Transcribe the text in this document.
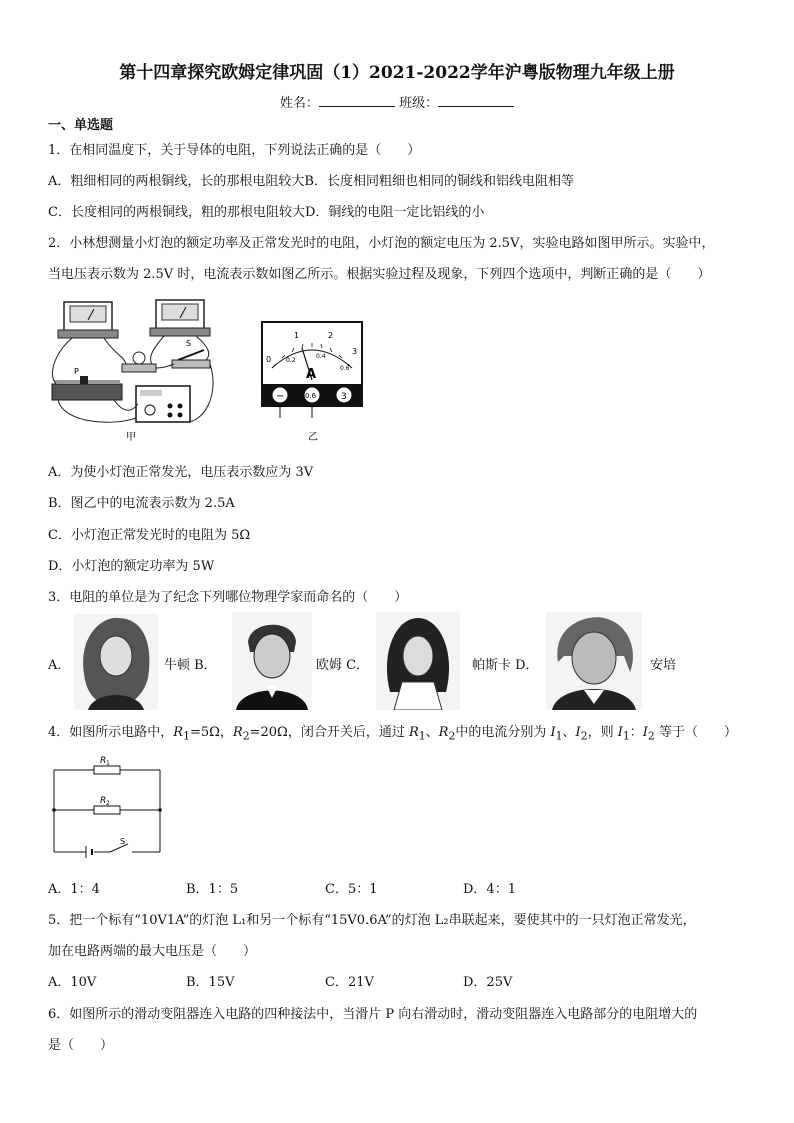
第十四章探究欧姆定律巩固（1）2021-2022学年沪粤版物理九年级上册
姓名：	班级：
一、单选题
1．在相同温度下，关于导体的电阻，下列说法正确的是（　　）
A．粗细相同的两根铜线，长的那根电阻较大B．长度相同粗细也相同的铜线和铝线电阻相等
C．长度相同的两根铜线，粗的那根电阻较大D．铜线的电阻一定比铝线的小
2．小林想测量小灯泡的额定功率及正常发光时的电阻，小灯泡的额定电压为 2.5V，实验电路如图甲所示。实验中，
当电压表示数为 2.5V 时，电流表示数如图乙所示。根据实验过程及现象，下列四个选项中，判断正确的是（　　）
S
P
甲
0
1	2
3
0.2
0.4
0.6
A
−	0.6	3
乙
A．为使小灯泡正常发光，电压表示数应为 3V
B．图乙中的电流表示数为 2.5A
C．小灯泡正常发光时的电阻为 5Ω
D．小灯泡的额定功率为 5W
3．电阻的单位是为了纪念下列哪位物理学家而命名的（　　）
A．	牛顿 B．	欧姆 C．	帕斯卡 D．	安培
4．如图所示电路中，$R_1=5\Omega$，$R_2=20\Omega$，闭合开关后，通过 $R_1$、$R_2$中的电流分别为 $I_1$、$I_2$，则 $I_1$：$I_2$ 等于（　　）
R 1
R 2
S
A．1：4	B．1：5	C．5：1	D．4：1
5．把一个标有“10V1A”的灯泡 L₁和另一个标有“15V0.6A”的灯泡 L₂串联起来，要使其中的一只灯泡正常发光，
加在电路两端的最大电压是（　　）
A．10V	B．15V	C．21V	D．25V
6．如图所示的滑动变阻器连入电路的四种接法中，当滑片 P 向右滑动时，滑动变阻器连入电路部分的电阻增大的
是（　　）
